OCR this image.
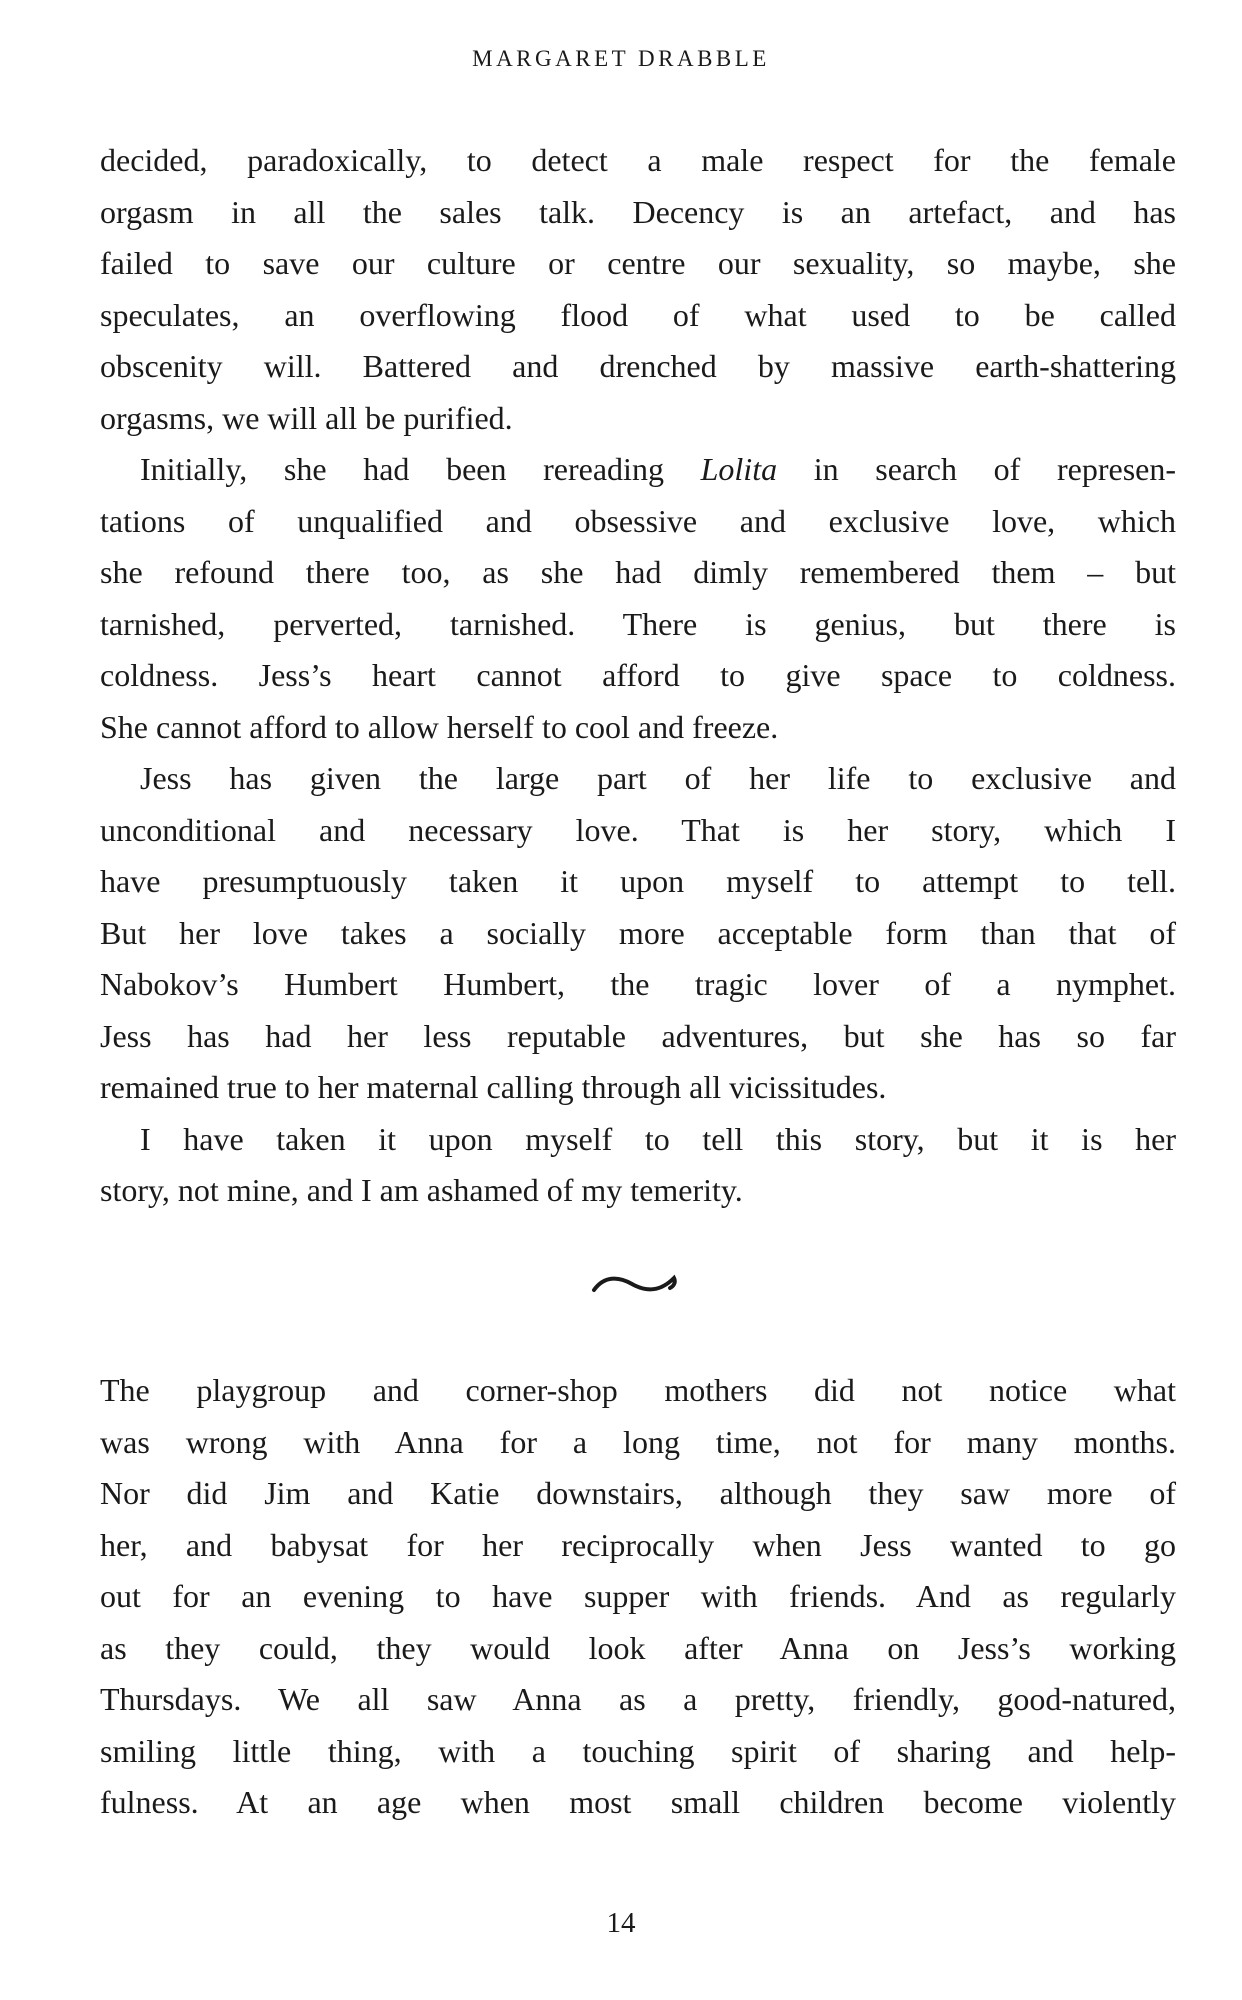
MARGARET DRABBLE

decided, paradoxically, to detect a male respect for the female
orgasm in all the sales talk. Decency is an artefact, and has
failed to save our culture or centre our sexuality, so maybe, she
speculates, an overflowing flood of what used to be called
obscenity will. Battered and drenched by massive earth-shattering
orgasms, we will all be purified.

Initially, she had been rereading Lolita in search of represen-
tations of unqualified and obsessive and exclusive love, which
she refound there too, as she had dimly remembered them – but
tarnished, perverted, tarnished. There is genius, but there is
coldness. Jess’s heart cannot afford to give space to coldness.
She cannot afford to allow herself to cool and freeze.

Jess has given the large part of her life to exclusive and
unconditional and necessary love. That is her story, which I
have presumptuously taken it upon myself to attempt to tell.
But her love takes a socially more acceptable form than that of
Nabokov’s Humbert Humbert, the tragic lover of a nymphet.
Jess has had her less reputable adventures, but she has so far
remained true to her maternal calling through all vicissitudes.

I have taken it upon myself to tell this story, but it is her
story, not mine, and I am ashamed of my temerity.

The playgroup and corner-shop mothers did not notice what
was wrong with Anna for a long time, not for many months.
Nor did Jim and Katie downstairs, although they saw more of
her, and babysat for her reciprocally when Jess wanted to go
out for an evening to have supper with friends. And as regularly
as they could, they would look after Anna on Jess’s working
Thursdays. We all saw Anna as a pretty, friendly, good-natured,
smiling little thing, with a touching spirit of sharing and help-
fulness. At an age when most small children become violently

14
